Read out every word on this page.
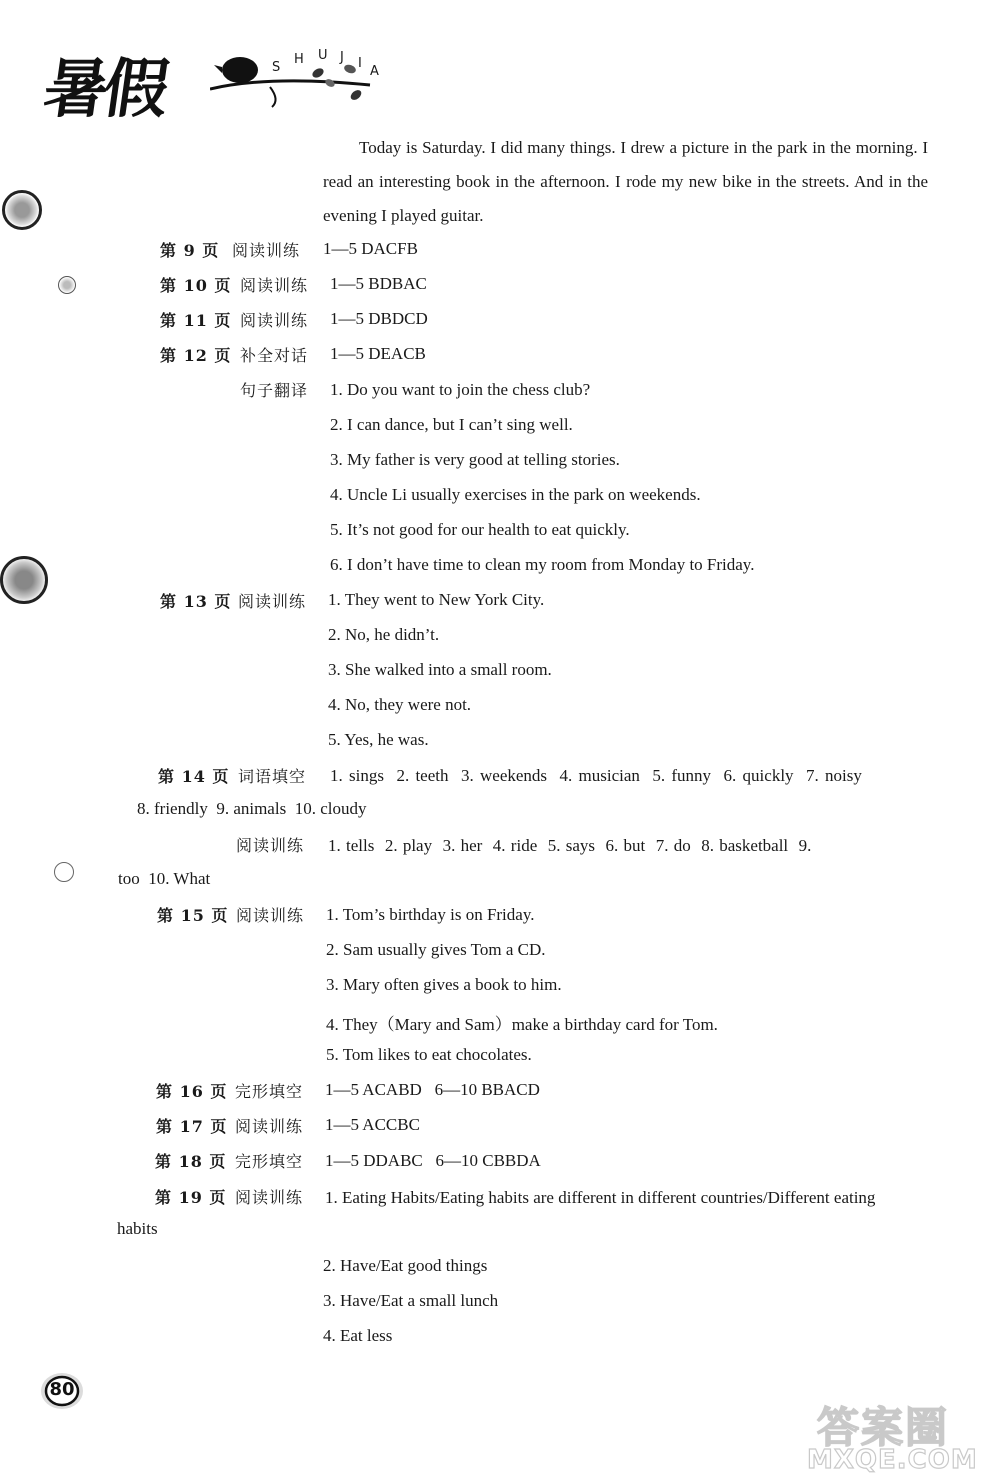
暑假	S
H U J I
A
Today is Saturday. I did many things. I drew a picture in the park in the morning. I read an interesting book in the afternoon. I rode my new bike in the streets. And in the evening I played guitar.
第 9 页 阅读训练 1—5 DACFB
第 10 页 阅读训练 1—5 BDBAC
第 11 页 阅读训练 1—5 DBDCD
第 12 页 补全对话 1—5 DEACB
句子翻译 1. Do you want to join the chess club?
2. I can dance, but I can’t sing well.
3. My father is very good at telling stories.
4. Uncle Li usually exercises in the park on weekends.
5. It’s not good for our health to eat quickly.
6. I don’t have time to clean my room from Monday to Friday.
第 13 页 阅读训练 1. They went to New York City.
2. No, he didn’t.
3. She walked into a small room.
4. No, they were not.
5. Yes, he was.
第 14 页 词语填空 1. sings  2. teeth  3. weekends  4. musician  5. funny  6. quickly  7. noisy
8. friendly  9. animals  10. cloudy
阅读训练 1. tells  2. play  3. her  4. ride  5. says  6. but  7. do  8. basketball  9.
too  10. What
第 15 页 阅读训练 1. Tom’s birthday is on Friday.
2. Sam usually gives Tom a CD.
3. Mary often gives a book to him.
4. They（Mary and Sam）make a birthday card for Tom.
5. Tom likes to eat chocolates.
第 16 页 完形填空 1—5 ACABD   6—10 BBACD
第 17 页 阅读训练 1—5 ACCBC
第 18 页 完形填空 1—5 DDABC   6—10 CBBDA
第 19 页 阅读训练 1. Eating Habits/Eating habits are different in different countries/Different eating
habits
2. Have/Eat good things
3. Have/Eat a small lunch
4. Eat less
80
答案圈
MXQE.COM
